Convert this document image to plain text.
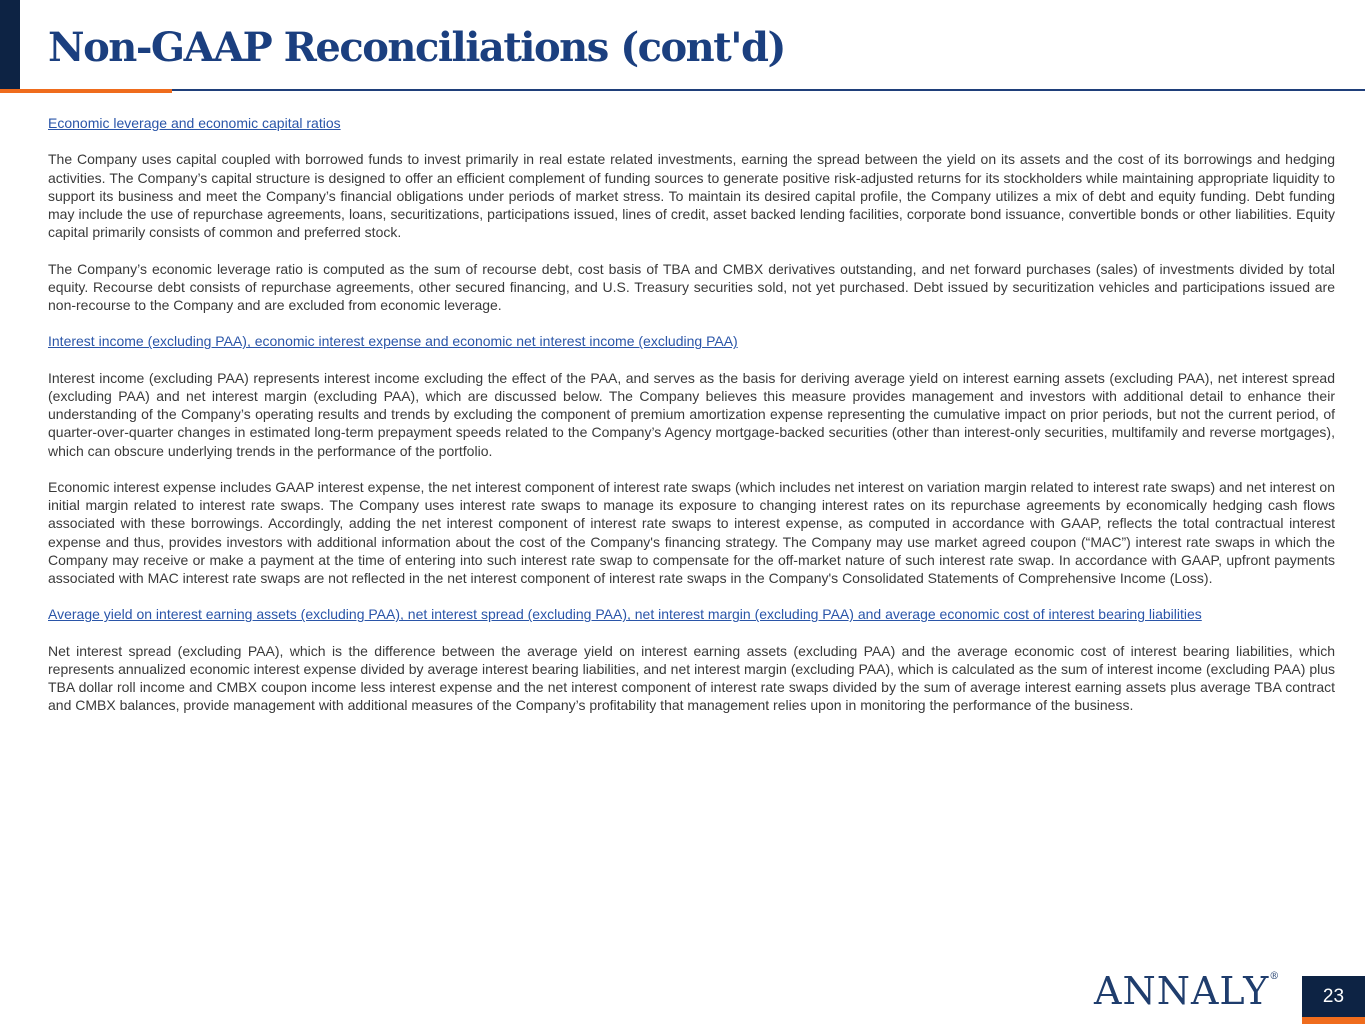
Non-GAAP Reconciliations (cont'd)
Economic leverage and economic capital ratios

The Company uses capital coupled with borrowed funds to invest primarily in real estate related investments, earning the spread between the yield on its assets and the cost of its borrowings and hedging activities. The Company’s capital structure is designed to offer an efficient complement of funding sources to generate positive risk-adjusted returns for its stockholders while maintaining appropriate liquidity to support its business and meet the Company’s financial obligations under periods of market stress. To maintain its desired capital profile, the Company utilizes a mix of debt and equity funding. Debt funding may include the use of repurchase agreements, loans, securitizations, participations issued, lines of credit, asset backed lending facilities, corporate bond issuance, convertible bonds or other liabilities. Equity capital primarily consists of common and preferred stock.

The Company’s economic leverage ratio is computed as the sum of recourse debt, cost basis of TBA and CMBX derivatives outstanding, and net forward purchases (sales) of investments divided by total equity. Recourse debt consists of repurchase agreements, other secured financing, and U.S. Treasury securities sold, not yet purchased. Debt issued by securitization vehicles and participations issued are non-recourse to the Company and are excluded from economic leverage.

Interest income (excluding PAA), economic interest expense and economic net interest income (excluding PAA)

Interest income (excluding PAA) represents interest income excluding the effect of the PAA, and serves as the basis for deriving average yield on interest earning assets (excluding PAA), net interest spread (excluding PAA) and net interest margin (excluding PAA), which are discussed below. The Company believes this measure provides management and investors with additional detail to enhance their understanding of the Company’s operating results and trends by excluding the component of premium amortization expense representing the cumulative impact on prior periods, but not the current period, of quarter-over-quarter changes in estimated long-term prepayment speeds related to the Company’s Agency mortgage-backed securities (other than interest-only securities, multifamily and reverse mortgages), which can obscure underlying trends in the performance of the portfolio.

Economic interest expense includes GAAP interest expense, the net interest component of interest rate swaps (which includes net interest on variation margin related to interest rate swaps) and net interest on initial margin related to interest rate swaps. The Company uses interest rate swaps to manage its exposure to changing interest rates on its repurchase agreements by economically hedging cash flows associated with these borrowings. Accordingly, adding the net interest component of interest rate swaps to interest expense, as computed in accordance with GAAP, reflects the total contractual interest expense and thus, provides investors with additional information about the cost of the Company's financing strategy. The Company may use market agreed coupon (“MAC”) interest rate swaps in which the Company may receive or make a payment at the time of entering into such interest rate swap to compensate for the off-market nature of such interest rate swap. In accordance with GAAP, upfront payments associated with MAC interest rate swaps are not reflected in the net interest component of interest rate swaps in the Company's Consolidated Statements of Comprehensive Income (Loss).

Average yield on interest earning assets (excluding PAA), net interest spread (excluding PAA), net interest margin (excluding PAA) and average economic cost of interest bearing liabilities

Net interest spread (excluding PAA), which is the difference between the average yield on interest earning assets (excluding PAA) and the average economic cost of interest bearing liabilities, which represents annualized economic interest expense divided by average interest bearing liabilities, and net interest margin (excluding PAA), which is calculated as the sum of interest income (excluding PAA) plus TBA dollar roll income and CMBX coupon income less interest expense and the net interest component of interest rate swaps divided by the sum of average interest earning assets plus average TBA contract and CMBX balances, provide management with additional measures of the Company’s profitability that management relies upon in monitoring the performance of the business.

ANNALY®
23
